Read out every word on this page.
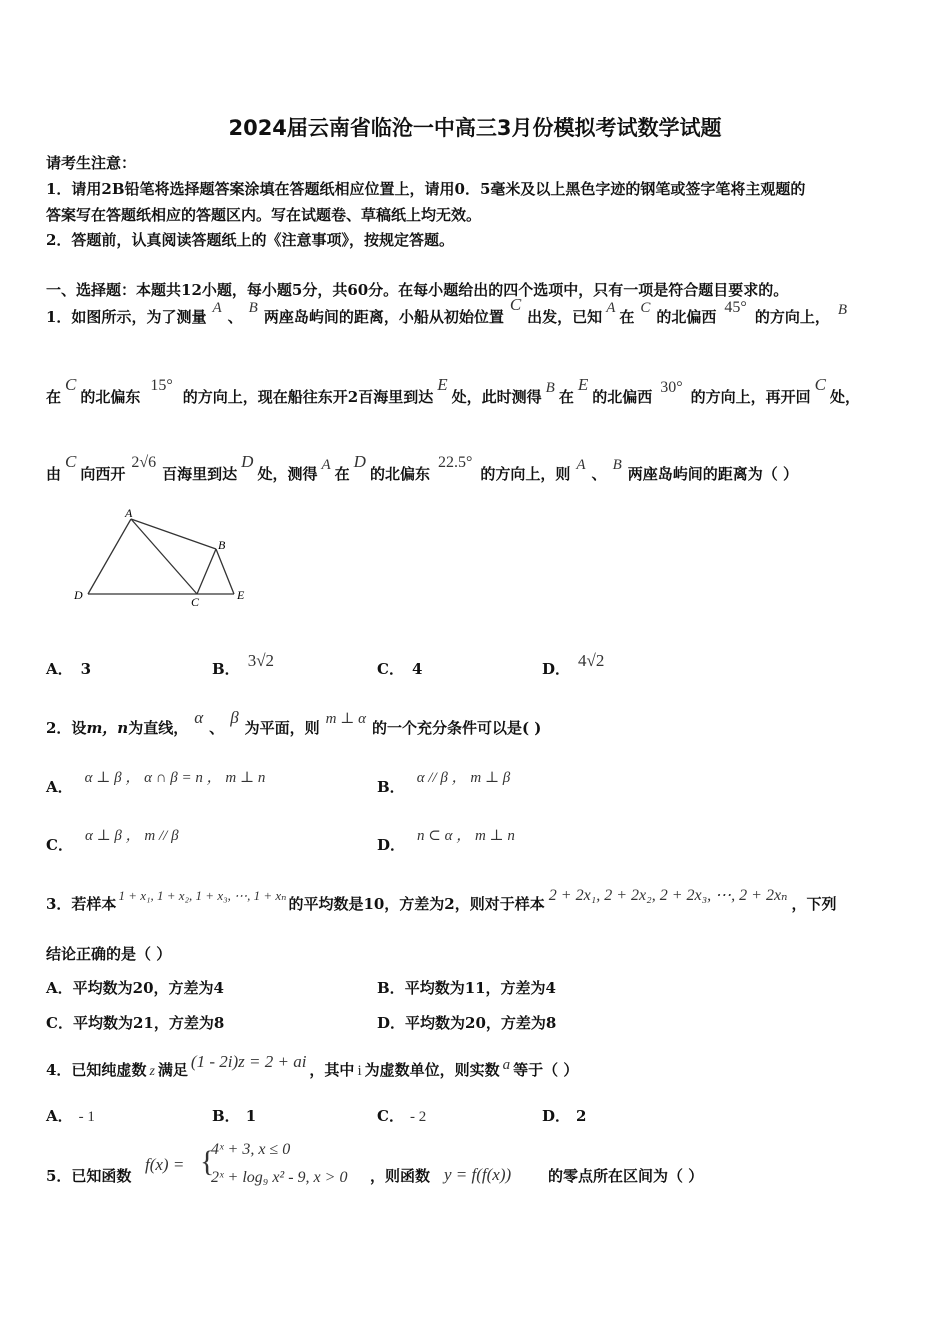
2024届云南省临沧一中高三3月份模拟考试数学试题
请考生注意：
1．请用2B铅笔将选择题答案涂填在答题纸相应位置上，请用0．5毫米及以上黑色字迹的钢笔或签字笔将主观题的
答案写在答题纸相应的答题区内。写在试题卷、草稿纸上均无效。
2．答题前，认真阅读答题纸上的《注意事项》，按规定答题。
一、选择题：本题共12小题，每小题5分，共60分。在每小题给出的四个选项中，只有一项是符合题目要求的。
1．如图所示，为了测量 A 、 B 两座岛屿间的距离，小船从初始位置C出发，已知 A 在 C 的北偏西45°的方向上， B
在C的北偏东15°的方向上，现在船往东开2百海里到达E处，此时测得 B 在E的北偏西30°的方向上，再开回C处，
由C向西开2√6百海里到达D处，测得 A 在D的北偏东22.5°的方向上，则 A 、 B 两座岛屿间的距离为（ ）
A
B
D	C	E
A． 3	B． 3√2	C． 4	D． 4√2
2．设m，n为直线，α、β为平面，则 m ⊥ α 的一个充分条件可以是( )
A． α ⊥ β ， α ∩ β = n ， m ⊥ n	B． α // β ， m ⊥ β
C． α ⊥ β ， m // β	D． n ⊂ α ， m ⊥ n
3．若样本 1 + x₁, 1 + x₂, 1 + x₃, ⋯, 1 + xₙ 的平均数是10，方差为2，则对于样本 2 + 2x₁, 2 + 2x₂, 2 + 2x₃, ⋯, 2 + 2xₙ ，下列
结论正确的是（ ）
A．平均数为20，方差为4	B．平均数为11，方差为4
C．平均数为21，方差为8	D．平均数为20，方差为8
4．已知纯虚数 z 满足 (1 - 2i)z = 2 + ai ，其中 i 为虚数单位，则实数 a 等于（ ）
A． - 1	B． 1	C． - 2	D． 2
5．已知函数
f(x) = {
4ˣ + 3, x ≤ 0
2ˣ + log₉ x² - 9, x > 0 ，则函数 y = f(f(x)) 的零点所在区间为（ ）
